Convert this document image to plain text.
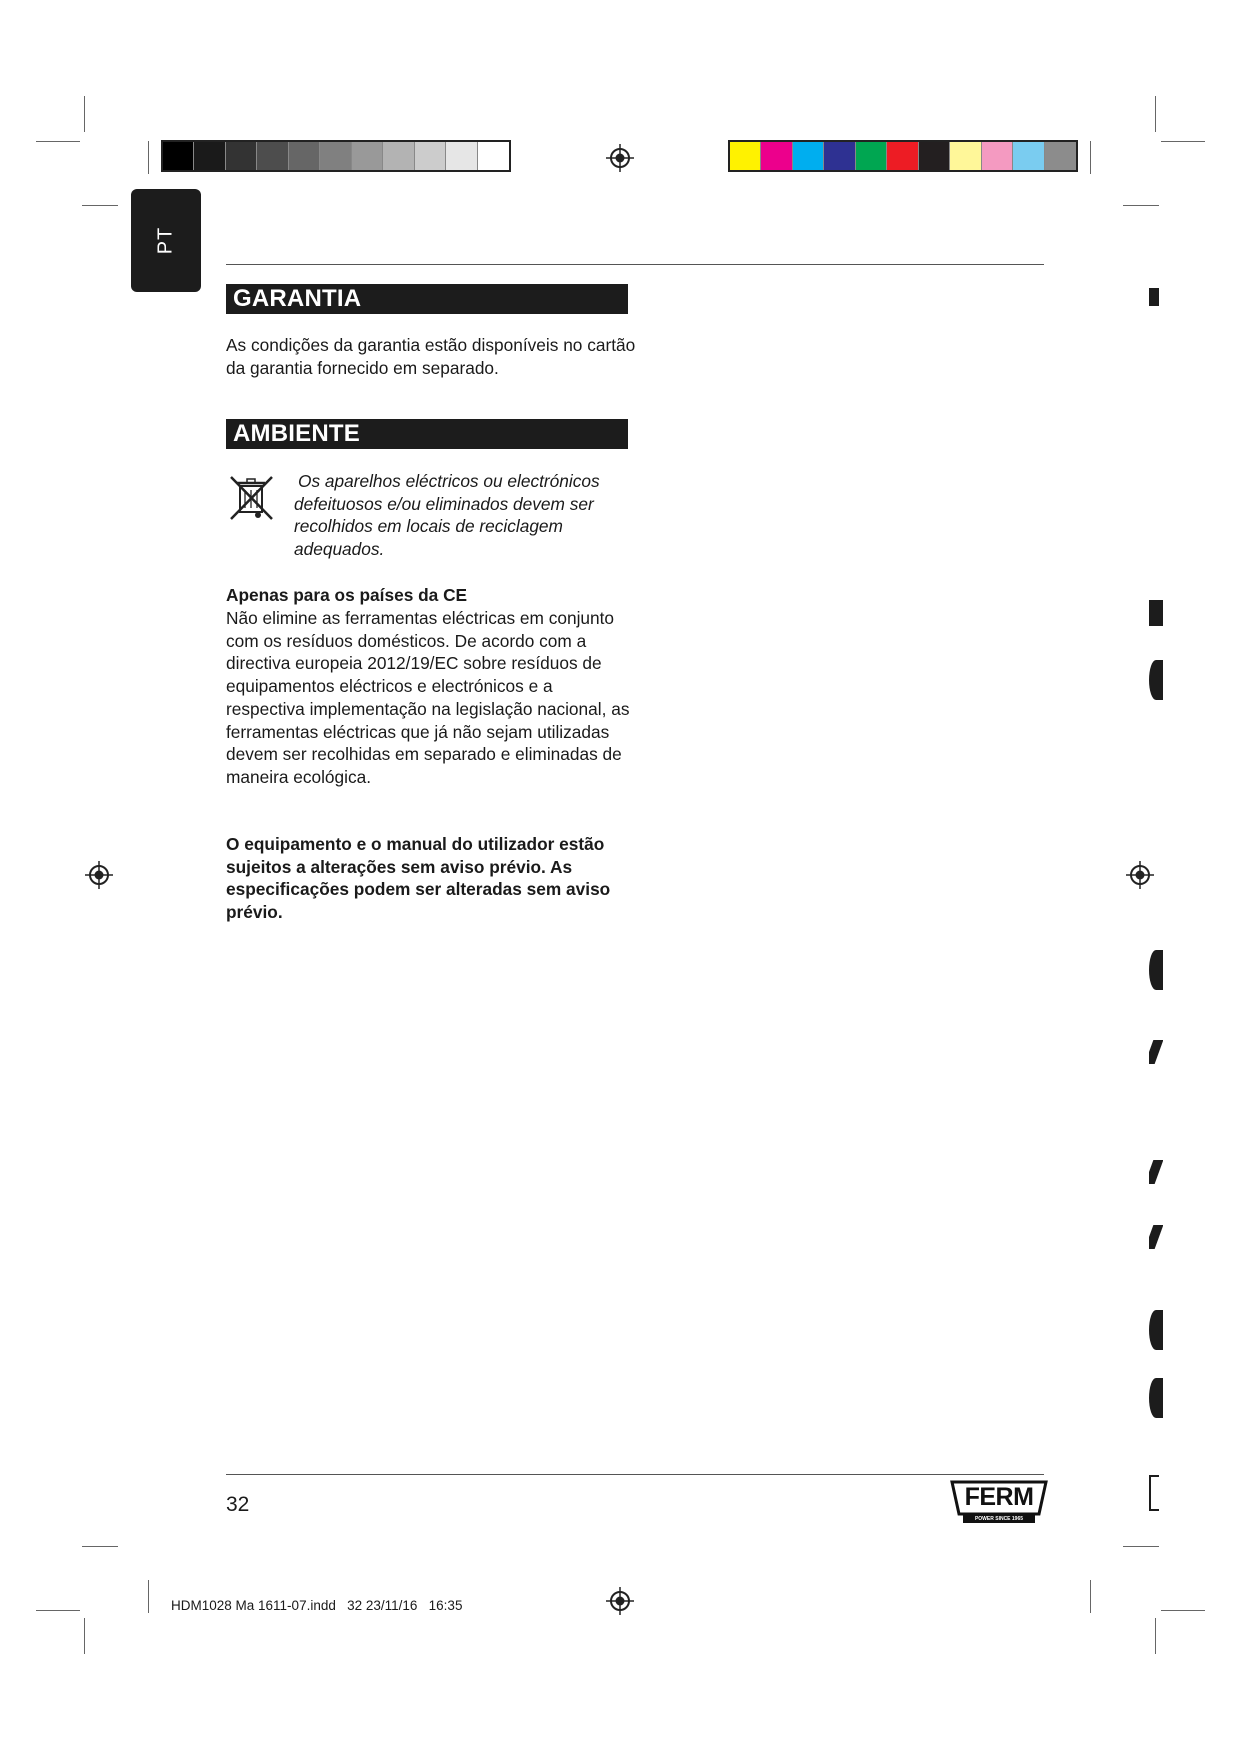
PT
GARANTIA

As condições da garantia estão disponíveis no cartão da garantia fornecido em separado.

AMBIENTE

Os aparelhos eléctricos ou electrónicos defeituosos e/ou eliminados devem ser recolhidos em locais de reciclagem adequados.

Apenas para os países da CE

Não elimine as ferramentas eléctricas em conjunto com os resíduos domésticos. De acordo com a directiva europeia 2012/19/EC sobre resíduos de equipamentos eléctricos e electrónicos e a respectiva implementação na legislação nacional, as ferramentas eléctricas que já não sejam utilizadas devem ser recolhidas em separado e eliminadas de maneira ecológica.

O equipamento e o manual do utilizador estão sujeitos a alterações sem aviso prévio. As especificações podem ser alteradas sem aviso prévio.

32	FERM
POWER SINCE 1965
HDM1028 Ma 1611-07.indd   32 23/11/16   16:35
